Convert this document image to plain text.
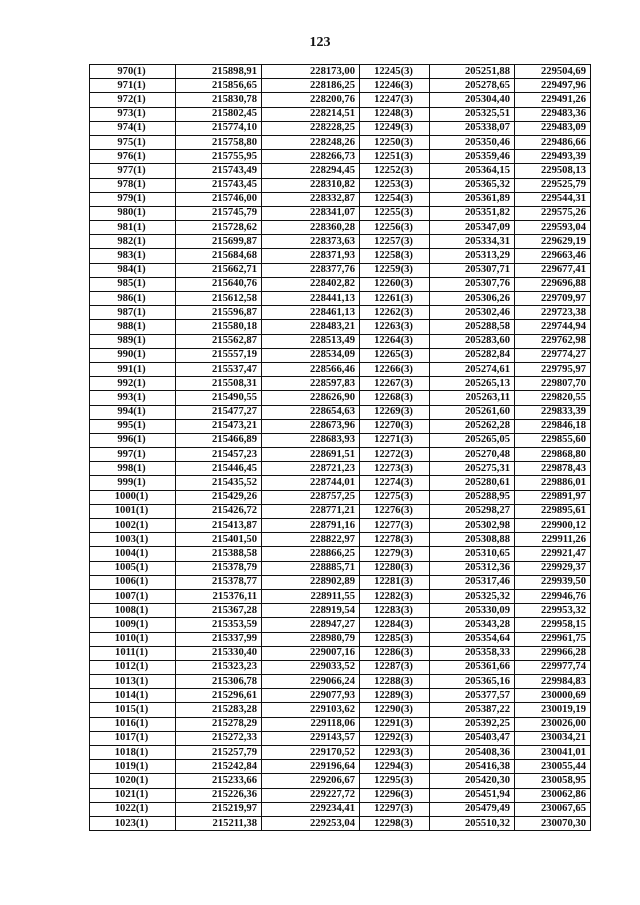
123
970(1)	215898,91	228173,00	12245(3)	205251,88	229504,69
971(1)	215856,65	228186,25	12246(3)	205278,65	229497,96
972(1)	215830,78	228200,76	12247(3)	205304,40	229491,26
973(1)	215802,45	228214,51	12248(3)	205325,51	229483,36
974(1)	215774,10	228228,25	12249(3)	205338,07	229483,09
975(1)	215758,80	228248,26	12250(3)	205350,46	229486,66
976(1)	215755,95	228266,73	12251(3)	205359,46	229493,39
977(1)	215743,49	228294,45	12252(3)	205364,15	229508,13
978(1)	215743,45	228310,82	12253(3)	205365,32	229525,79
979(1)	215746,00	228332,87	12254(3)	205361,89	229544,31
980(1)	215745,79	228341,07	12255(3)	205351,82	229575,26
981(1)	215728,62	228360,28	12256(3)	205347,09	229593,04
982(1)	215699,87	228373,63	12257(3)	205334,31	229629,19
983(1)	215684,68	228371,93	12258(3)	205313,29	229663,46
984(1)	215662,71	228377,76	12259(3)	205307,71	229677,41
985(1)	215640,76	228402,82	12260(3)	205307,76	229696,88
986(1)	215612,58	228441,13	12261(3)	205306,26	229709,97
987(1)	215596,87	228461,13	12262(3)	205302,46	229723,38
988(1)	215580,18	228483,21	12263(3)	205288,58	229744,94
989(1)	215562,87	228513,49	12264(3)	205283,60	229762,98
990(1)	215557,19	228534,09	12265(3)	205282,84	229774,27
991(1)	215537,47	228566,46	12266(3)	205274,61	229795,97
992(1)	215508,31	228597,83	12267(3)	205265,13	229807,70
993(1)	215490,55	228626,90	12268(3)	205263,11	229820,55
994(1)	215477,27	228654,63	12269(3)	205261,60	229833,39
995(1)	215473,21	228673,96	12270(3)	205262,28	229846,18
996(1)	215466,89	228683,93	12271(3)	205265,05	229855,60
997(1)	215457,23	228691,51	12272(3)	205270,48	229868,80
998(1)	215446,45	228721,23	12273(3)	205275,31	229878,43
999(1)	215435,52	228744,01	12274(3)	205280,61	229886,01
1000(1)	215429,26	228757,25	12275(3)	205288,95	229891,97
1001(1)	215426,72	228771,21	12276(3)	205298,27	229895,61
1002(1)	215413,87	228791,16	12277(3)	205302,98	229900,12
1003(1)	215401,50	228822,97	12278(3)	205308,88	229911,26
1004(1)	215388,58	228866,25	12279(3)	205310,65	229921,47
1005(1)	215378,79	228885,71	12280(3)	205312,36	229929,37
1006(1)	215378,77	228902,89	12281(3)	205317,46	229939,50
1007(1)	215376,11	228911,55	12282(3)	205325,32	229946,76
1008(1)	215367,28	228919,54	12283(3)	205330,09	229953,32
1009(1)	215353,59	228947,27	12284(3)	205343,28	229958,15
1010(1)	215337,99	228980,79	12285(3)	205354,64	229961,75
1011(1)	215330,40	229007,16	12286(3)	205358,33	229966,28
1012(1)	215323,23	229033,52	12287(3)	205361,66	229977,74
1013(1)	215306,78	229066,24	12288(3)	205365,16	229984,83
1014(1)	215296,61	229077,93	12289(3)	205377,57	230000,69
1015(1)	215283,28	229103,62	12290(3)	205387,22	230019,19
1016(1)	215278,29	229118,06	12291(3)	205392,25	230026,00
1017(1)	215272,33	229143,57	12292(3)	205403,47	230034,21
1018(1)	215257,79	229170,52	12293(3)	205408,36	230041,01
1019(1)	215242,84	229196,64	12294(3)	205416,38	230055,44
1020(1)	215233,66	229206,67	12295(3)	205420,30	230058,95
1021(1)	215226,36	229227,72	12296(3)	205451,94	230062,86
1022(1)	215219,97	229234,41	12297(3)	205479,49	230067,65
1023(1)	215211,38	229253,04	12298(3)	205510,32	230070,30
